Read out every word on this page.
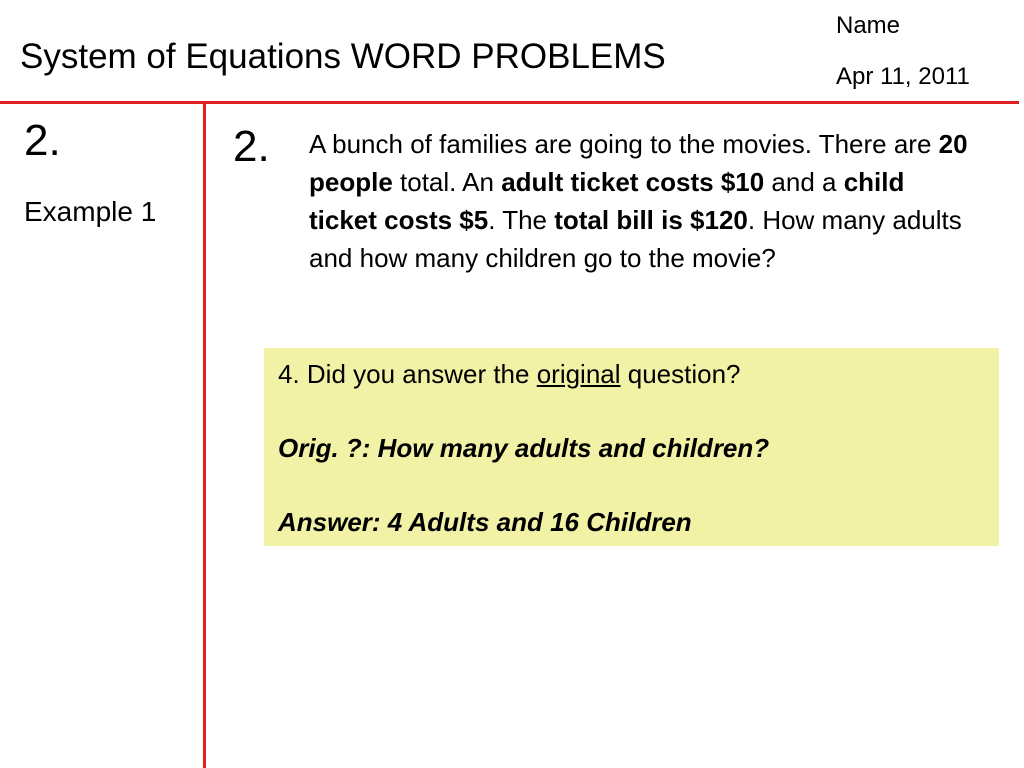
System of Equations WORD PROBLEMS
Name
Apr 11, 2011
2.
Example 1
2. A bunch of families are going to the movies. There are 20 people total. An adult ticket costs $10 and a child ticket costs $5. The total bill is $120. How many adults and how many children go to the movie?

4. Did you answer the original question?

Orig. ?: How many adults and children?

Answer: 4 Adults and 16 Children
